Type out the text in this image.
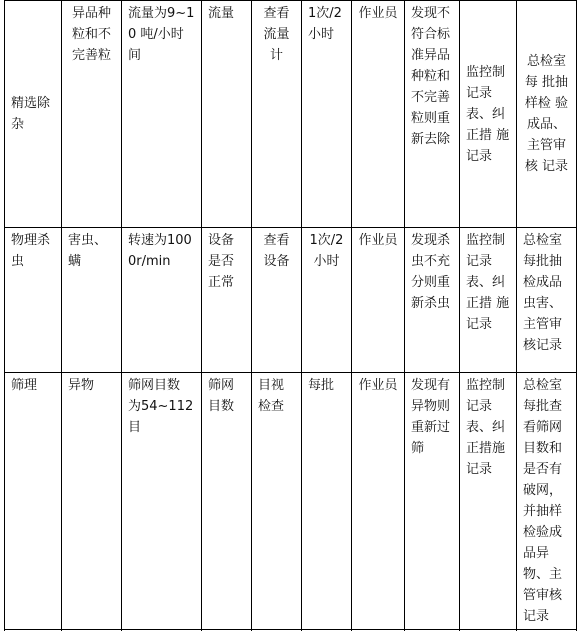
精选除杂	异品种粒和不完善粒	流量为9~10 吨/小时间	流量	查看流量计	1次/2小时	作业员	发现不符合标准异品 种粒和不完善粒则重新去除	监控制记录 表、纠正措 施记录	总检室每 批抽样检 验成品、 主管审核 记录
物理杀虫	害虫、螨	转速为1000r/min	设备是否正常	查看设备	1次/2 小时	作业员	发现杀虫不充分则重新杀虫	监控制记录表、纠正措 施记录	总检室每批抽检成品虫害、主管审核记录
筛理	异物	筛网目数 为54~112目	筛网目数	目视检查	每批	作业员	发现有异物则重新过筛	监控制记录表、纠正措施记录	总检室每批查看筛网目数和是否有破网，并抽样检验成品异物、主管审核记录
